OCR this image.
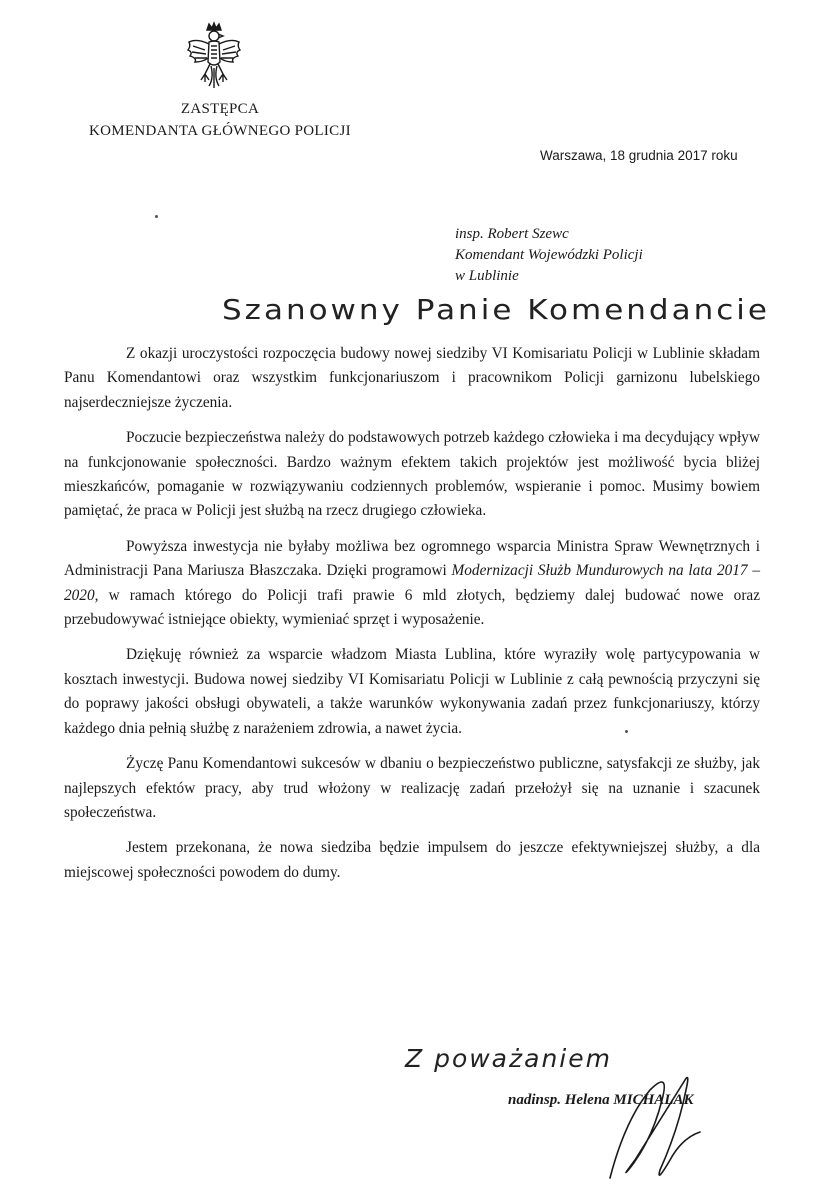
ZASTĘPCA
KOMENDANTA GŁÓWNEGO POLICJI
Warszawa, 18 grudnia 2017 roku
insp. Robert Szewc
Komendant Wojewódzki Policji
w Lublinie
Szanowny Panie Komendancie

Z okazji uroczystości rozpoczęcia budowy nowej siedziby VI Komisariatu Policji w Lublinie składam Panu Komendantowi oraz wszystkim funkcjonariuszom i pracownikom Policji garnizonu lubelskiego najserdeczniejsze życzenia.

Poczucie bezpieczeństwa należy do podstawowych potrzeb każdego człowieka i ma decydujący wpływ na funkcjonowanie społeczności. Bardzo ważnym efektem takich projektów jest możliwość bycia bliżej mieszkańców, pomaganie w rozwiązywaniu codziennych problemów, wspieranie i pomoc. Musimy bowiem pamiętać, że praca w Policji jest służbą na rzecz drugiego człowieka.

Powyższa inwestycja nie byłaby możliwa bez ogromnego wsparcia Ministra Spraw Wewnętrznych i Administracji Pana Mariusza Błaszczaka. Dzięki programowi Modernizacji Służb Mundurowych na lata 2017 – 2020, w ramach którego do Policji trafi prawie 6 mld złotych, będziemy dalej budować nowe oraz przebudowywać istniejące obiekty, wymieniać sprzęt i wyposażenie.

Dziękuję również za wsparcie władzom Miasta Lublina, które wyraziły wolę partycypowania w kosztach inwestycji. Budowa nowej siedziby VI Komisariatu Policji w Lublinie z całą pewnością przyczyni się do poprawy jakości obsługi obywateli, a także warunków wykonywania zadań przez funkcjonariuszy, którzy każdego dnia pełnią służbę z narażeniem zdrowia, a nawet życia.

Życzę Panu Komendantowi sukcesów w dbaniu o bezpieczeństwo publiczne, satysfakcji ze służby, jak najlepszych efektów pracy, aby trud włożony w realizację zadań przełożył się na uznanie i szacunek społeczeństwa.

Jestem przekonana, że nowa siedziba będzie impulsem do jeszcze efektywniejszej służby, a dla miejscowej społeczności powodem do dumy.

Z poważaniem
nadinsp. Helena MICHALAK
